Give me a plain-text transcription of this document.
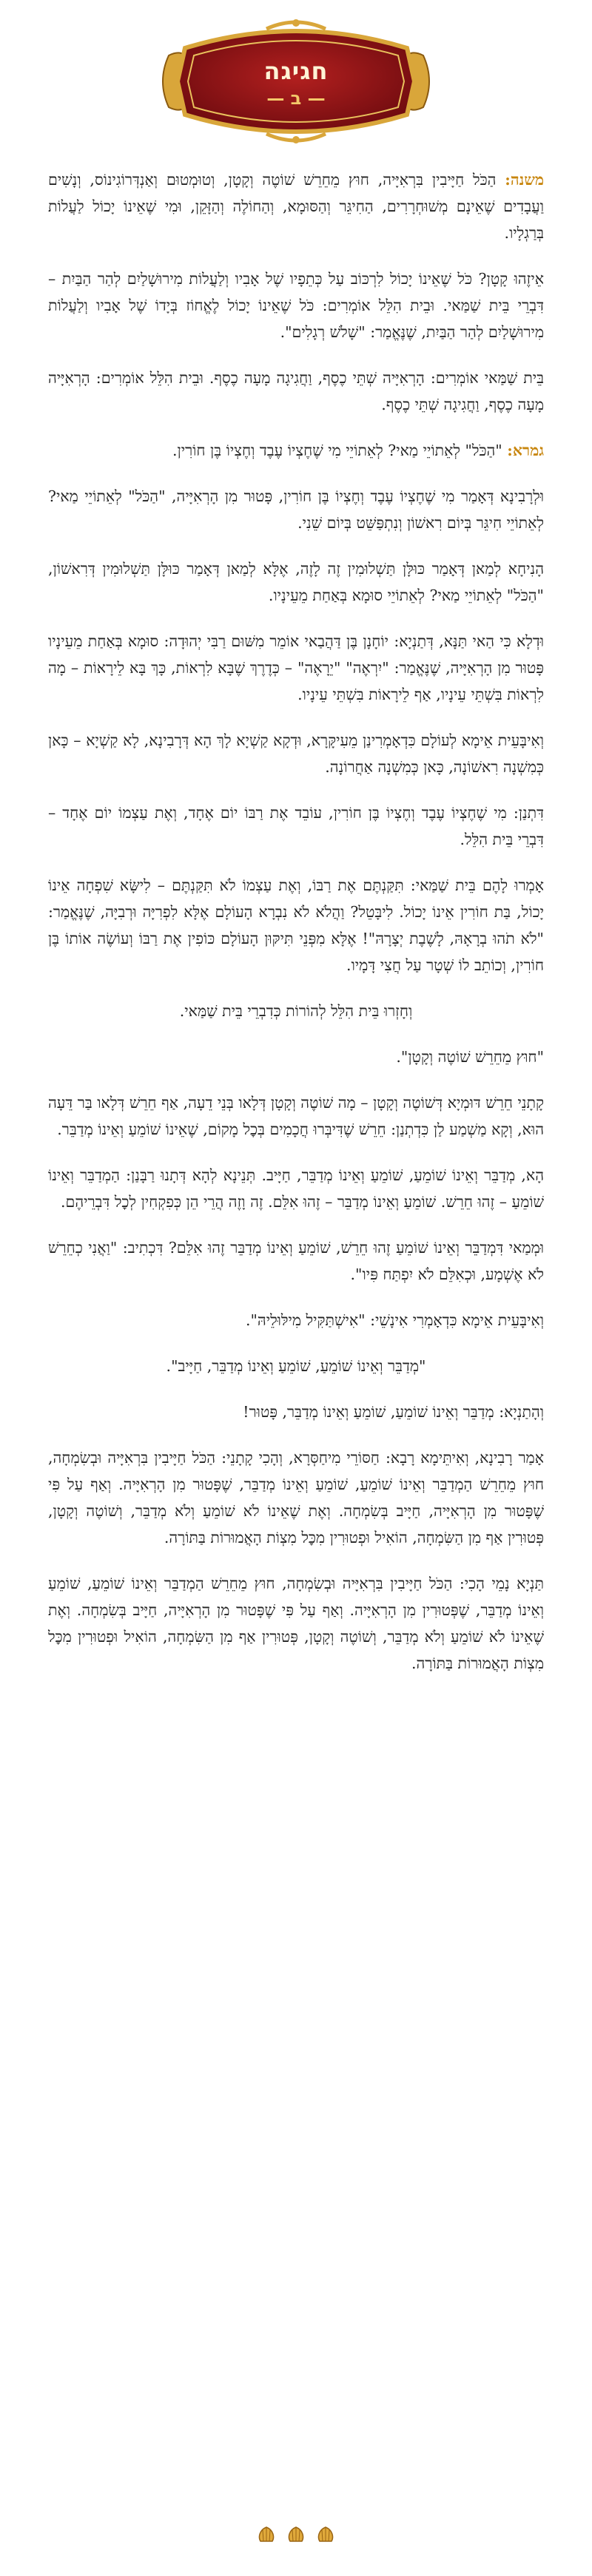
חגיגה
— ב —

משנה: הַכֹּל חַיָּיבִין בִּרְאִיָּיה, חוּץ מֵחֵרֵשׁ שׁוֹטֶה וְקָטָן, וְטוּמְטוּם וְאַנְדְּרוֹגִינוֹס, וְנָשִׁים וַעֲבָדִים שֶׁאֵינָם מְשׁוּחְרָרִים, הַחִיגֵּר וְהַסּוּמָא, וְהַחוֹלֶה וְהַזָּקֵן, וּמִי שֶׁאֵינוֹ יָכוֹל לַעֲלוֹת בְּרַגְלָיו.

אֵיזֶהוּ קָטָן? כֹּל שֶׁאֵינוֹ יָכוֹל לִרְכּוֹב עַל כְּתֵפָיו שֶׁל אָבִיו וְלַעֲלוֹת מִירוּשָׁלַיִם לְהַר הַבַּיִת – דִּבְרֵי בֵּית שַׁמַּאי. וּבֵית הִלֵּל אוֹמְרִים: כֹּל שֶׁאֵינוֹ יָכוֹל לֶאֱחוֹז בְּיָדוֹ שֶׁל אָבִיו וְלַעֲלוֹת מִירוּשָׁלַיִם לְהַר הַבַּיִת, שֶׁנֶּאֱמַר: "שָׁלֹשׁ רְגָלִים".

בֵּית שַׁמַּאי אוֹמְרִים: הָרְאִיָּיה שְׁתֵּי כֶסֶף, וַחֲגִיגָה מָעָה כֶסֶף. וּבֵית הִלֵּל אוֹמְרִים: הָרְאִיָּיה מָעָה כֶסֶף, וַחֲגִיגָה שְׁתֵּי כֶסֶף.

גמרא: "הַכֹּל" לְאֵתוֹיֵי מַאי? לְאֵתוֹיֵי מִי שֶׁחֶצְיוֹ עֶבֶד וְחֶצְיוֹ בֶּן חוֹרִין.

וּלְרָבִינָא דְּאָמַר מִי שֶׁחֶצְיוֹ עֶבֶד וְחֶצְיוֹ בֶּן חוֹרִין, פָּטוּר מִן הָרְאִיָּיה, "הַכֹּל" לְאֵתוֹיֵי מַאי? לְאֵתוֹיֵי חִיגֵּר בְּיוֹם רִאשׁוֹן וְנִתְפַּשֵּׁט בְּיוֹם שֵׁנִי.

הָנִיחָא לְמַאן דְּאָמַר כּוּלָּן תַּשְׁלוּמִין זֶה לָזֶה, אֶלָּא לְמַאן דְּאָמַר כּוּלָּן תַּשְׁלוּמִין דְּרִאשׁוֹן, "הַכֹּל" לְאֵתוֹיֵי מַאי? לְאֵתוֹיֵי סוּמָא בְּאַחַת מֵעֵינָיו.

וּדְלָא כִּי הַאי תַּנָּא, דְּתַנְיָא: יוֹחָנָן בֶּן דַּהֲבַאי אוֹמֵר מִשּׁוּם רַבִּי יְהוּדָה: סוּמָא בְּאַחַת מֵעֵינָיו פָּטוּר מִן הָרְאִיָּיה, שֶׁנֶּאֱמַר: "יִרְאֶה" "יֵרָאֶה" – כְּדֶרֶךְ שֶׁבָּא לִרְאוֹת, כָּךְ בָּא לֵירָאוֹת – מָה לִרְאוֹת בִּשְׁתֵּי עֵינָיו, אַף לֵירָאוֹת בִּשְׁתֵּי עֵינָיו.

וְאִיבָּעֵית אֵימָא לְעוֹלָם כִּדְאָמְרִינַן מֵעִיקָּרָא, וּדְקָא קַשְׁיָא לָךְ הָא דְּרָבִינָא, לָא קַשְׁיָא – כָּאן כְּמִשְׁנָה רִאשׁוֹנָה, כָּאן כְּמִשְׁנָה אַחֲרוֹנָה.

דִּתְנַן: מִי שֶׁחֶצְיוֹ עֶבֶד וְחֶצְיוֹ בֶּן חוֹרִין, עוֹבֵד אֶת רַבּוֹ יוֹם אֶחָד, וְאֶת עַצְמוֹ יוֹם אֶחָד – דִּבְרֵי בֵּית הִלֵּל.

אָמְרוּ לָהֶם בֵּית שַׁמַּאי: תִּקַּנְתֶּם אֶת רַבּוֹ, וְאֶת עַצְמוֹ לֹא תִּקַּנְתֶּם – לִישָּׂא שִׁפְחָה אֵינוֹ יָכוֹל, בַּת חוֹרִין אֵינוֹ יָכוֹל. לִיבָּטֵל? וַהֲלֹא לֹא נִבְרָא הָעוֹלָם אֶלָּא לִפְרִיָּה וּרְבִיָּה, שֶׁנֶּאֱמַר: "לֹא תֹהוּ בְרָאָהּ, לָשֶׁבֶת יְצָרָהּ"! אֶלָּא מִפְּנֵי תִּיקּוּן הָעוֹלָם כּוֹפִין אֶת רַבּוֹ וְעוֹשֶׂה אוֹתוֹ בֶּן חוֹרִין, וְכוֹתֵב לוֹ שְׁטָר עַל חֲצִי דָּמָיו.

וְחָזְרוּ בֵּית הִלֵּל לְהוֹרוֹת כְּדִבְרֵי בֵּית שַׁמַּאי.

"חוּץ מֵחֵרֵשׁ שׁוֹטֶה וְקָטָן".

קָתָנֵי חֵרֵשׁ דּוּמְיָא דְּשׁוֹטֶה וְקָטָן – מָה שׁוֹטֶה וְקָטָן דְּלָאו בְּנֵי דֵעָה, אַף חֵרֵשׁ דְּלָאו בַּר דֵּעָה הוּא, וְקָא מַשְׁמַע לַן כִּדְתְנַן: חֵרֵשׁ שֶׁדִּיבְּרוּ חֲכָמִים בְּכׇל מָקוֹם, שֶׁאֵינוֹ שׁוֹמֵעַ וְאֵינוֹ מְדַבֵּר.

הָא, מְדַבֵּר וְאֵינוֹ שׁוֹמֵעַ, שׁוֹמֵעַ וְאֵינוֹ מְדַבֵּר, חַיָּיב. תְּנֵינָא לְהָא דְּתָנוּ רַבָּנַן: הַמְדַבֵּר וְאֵינוֹ שׁוֹמֵעַ – זֶהוּ חֵרֵשׁ. שׁוֹמֵעַ וְאֵינוֹ מְדַבֵּר – זֶהוּ אִלֵּם. זֶה וָזֶה הֲרֵי הֵן כְּפִקְחִין לְכׇל דִּבְרֵיהֶם.

וּמְמַאי דִּמְדַבֵּר וְאֵינוֹ שׁוֹמֵעַ זֶהוּ חֵרֵשׁ, שׁוֹמֵעַ וְאֵינוֹ מְדַבֵּר זֶהוּ אִלֵּם? דִּכְתִיב: "וַאֲנִי כְחֵרֵשׁ לֹא אֶשְׁמָע, וּכְאִלֵּם לֹא יִפְתַּח פִּיו".

וְאִיבָּעֵית אֵימָא כִּדְאָמְרִי אִינָשֵׁי: "אִישְׁתַּקִּיל מִילּוּלֵיהּ".

"מְדַבֵּר וְאֵינוֹ שׁוֹמֵעַ, שׁוֹמֵעַ וְאֵינוֹ מְדַבֵּר, חַיָּיב".

וְהָתַנְיָא: מְדַבֵּר וְאֵינוֹ שׁוֹמֵעַ, שׁוֹמֵעַ וְאֵינוֹ מְדַבֵּר, פָּטוּר!

אָמַר רָבִינָא, וְאִיתֵּימָא רָבָא: חַסּוֹרֵי מִיחַסְּרָא, וְהָכִי קָתָנֵי: הַכֹּל חַיָּיבִין בִּרְאִיָּיה וּבְשִׂמְחָה, חוּץ מֵחֵרֵשׁ הַמְדַבֵּר וְאֵינוֹ שׁוֹמֵעַ, שׁוֹמֵעַ וְאֵינוֹ מְדַבֵּר, שֶׁפָּטוּר מִן הָרְאִיָּיה. וְאַף עַל פִּי שֶׁפָּטוּר מִן הָרְאִיָּיה, חַיָּיב בְּשִׂמְחָה. וְאֶת שֶׁאֵינוֹ לֹא שׁוֹמֵעַ וְלֹא מְדַבֵּר, וְשׁוֹטֶה וְקָטָן, פְּטוּרִין אַף מִן הַשִּׂמְחָה, הוֹאִיל וּפְטוּרִין מִכׇּל מִצְוֹת הָאֲמוּרוֹת בַּתּוֹרָה.

תַּנְיָא נָמֵי הָכִי: הַכֹּל חַיָּיבִין בִּרְאִיָּיה וּבְשִׂמְחָה, חוּץ מֵחֵרֵשׁ הַמְדַבֵּר וְאֵינוֹ שׁוֹמֵעַ, שׁוֹמֵעַ וְאֵינוֹ מְדַבֵּר, שֶׁפְּטוּרִין מִן הָרְאִיָּיה. וְאַף עַל פִּי שֶׁפָּטוּר מִן הָרְאִיָּיה, חַיָּיב בְּשִׂמְחָה. וְאֶת שֶׁאֵינוֹ לֹא שׁוֹמֵעַ וְלֹא מְדַבֵּר, וְשׁוֹטֶה וְקָטָן, פְּטוּרִין אַף מִן הַשִּׂמְחָה, הוֹאִיל וּפְטוּרִין מִכׇּל מִצְוֹת הָאֲמוּרוֹת בַּתּוֹרָה.
